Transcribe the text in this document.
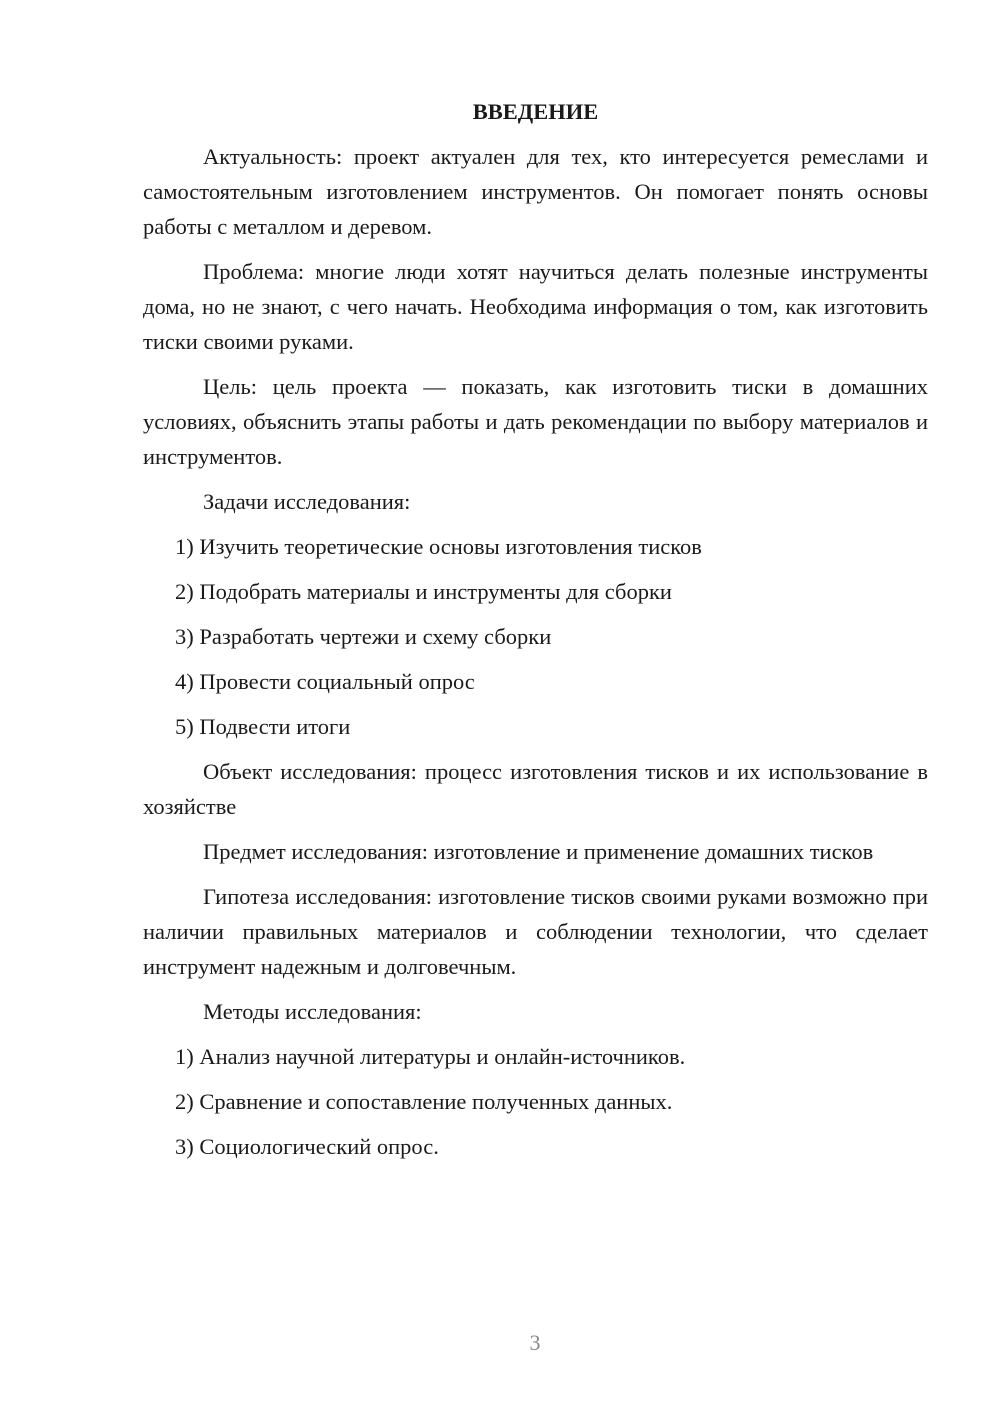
ВВЕДЕНИЕ

Актуальность: проект актуален для тех, кто интересуется ремеслами и самостоятельным изготовлением инструментов. Он помогает понять основы работы с металлом и деревом.

Проблема: многие люди хотят научиться делать полезные инструменты дома, но не знают, с чего начать. Необходима информация о том, как изготовить тиски своими руками.

Цель: цель проекта — показать, как изготовить тиски в домашних условиях, объяснить этапы работы и дать рекомендации по выбору материалов и инструментов.

Задачи исследования:

1) Изучить теоретические основы изготовления тисков
2) Подобрать материалы и инструменты для сборки
3) Разработать чертежи и схему сборки
4) Провести социальный опрос
5) Подвести итоги

Объект исследования: процесс изготовления тисков и их использование в хозяйстве

Предмет исследования: изготовление и применение домашних тисков

Гипотеза исследования: изготовление тисков своими руками возможно при наличии правильных материалов и соблюдении технологии, что сделает инструмент надежным и долговечным.

Методы исследования:

1) Анализ научной литературы и онлайн-источников.
2) Сравнение и сопоставление полученных данных.
3) Социологический опрос.
3
